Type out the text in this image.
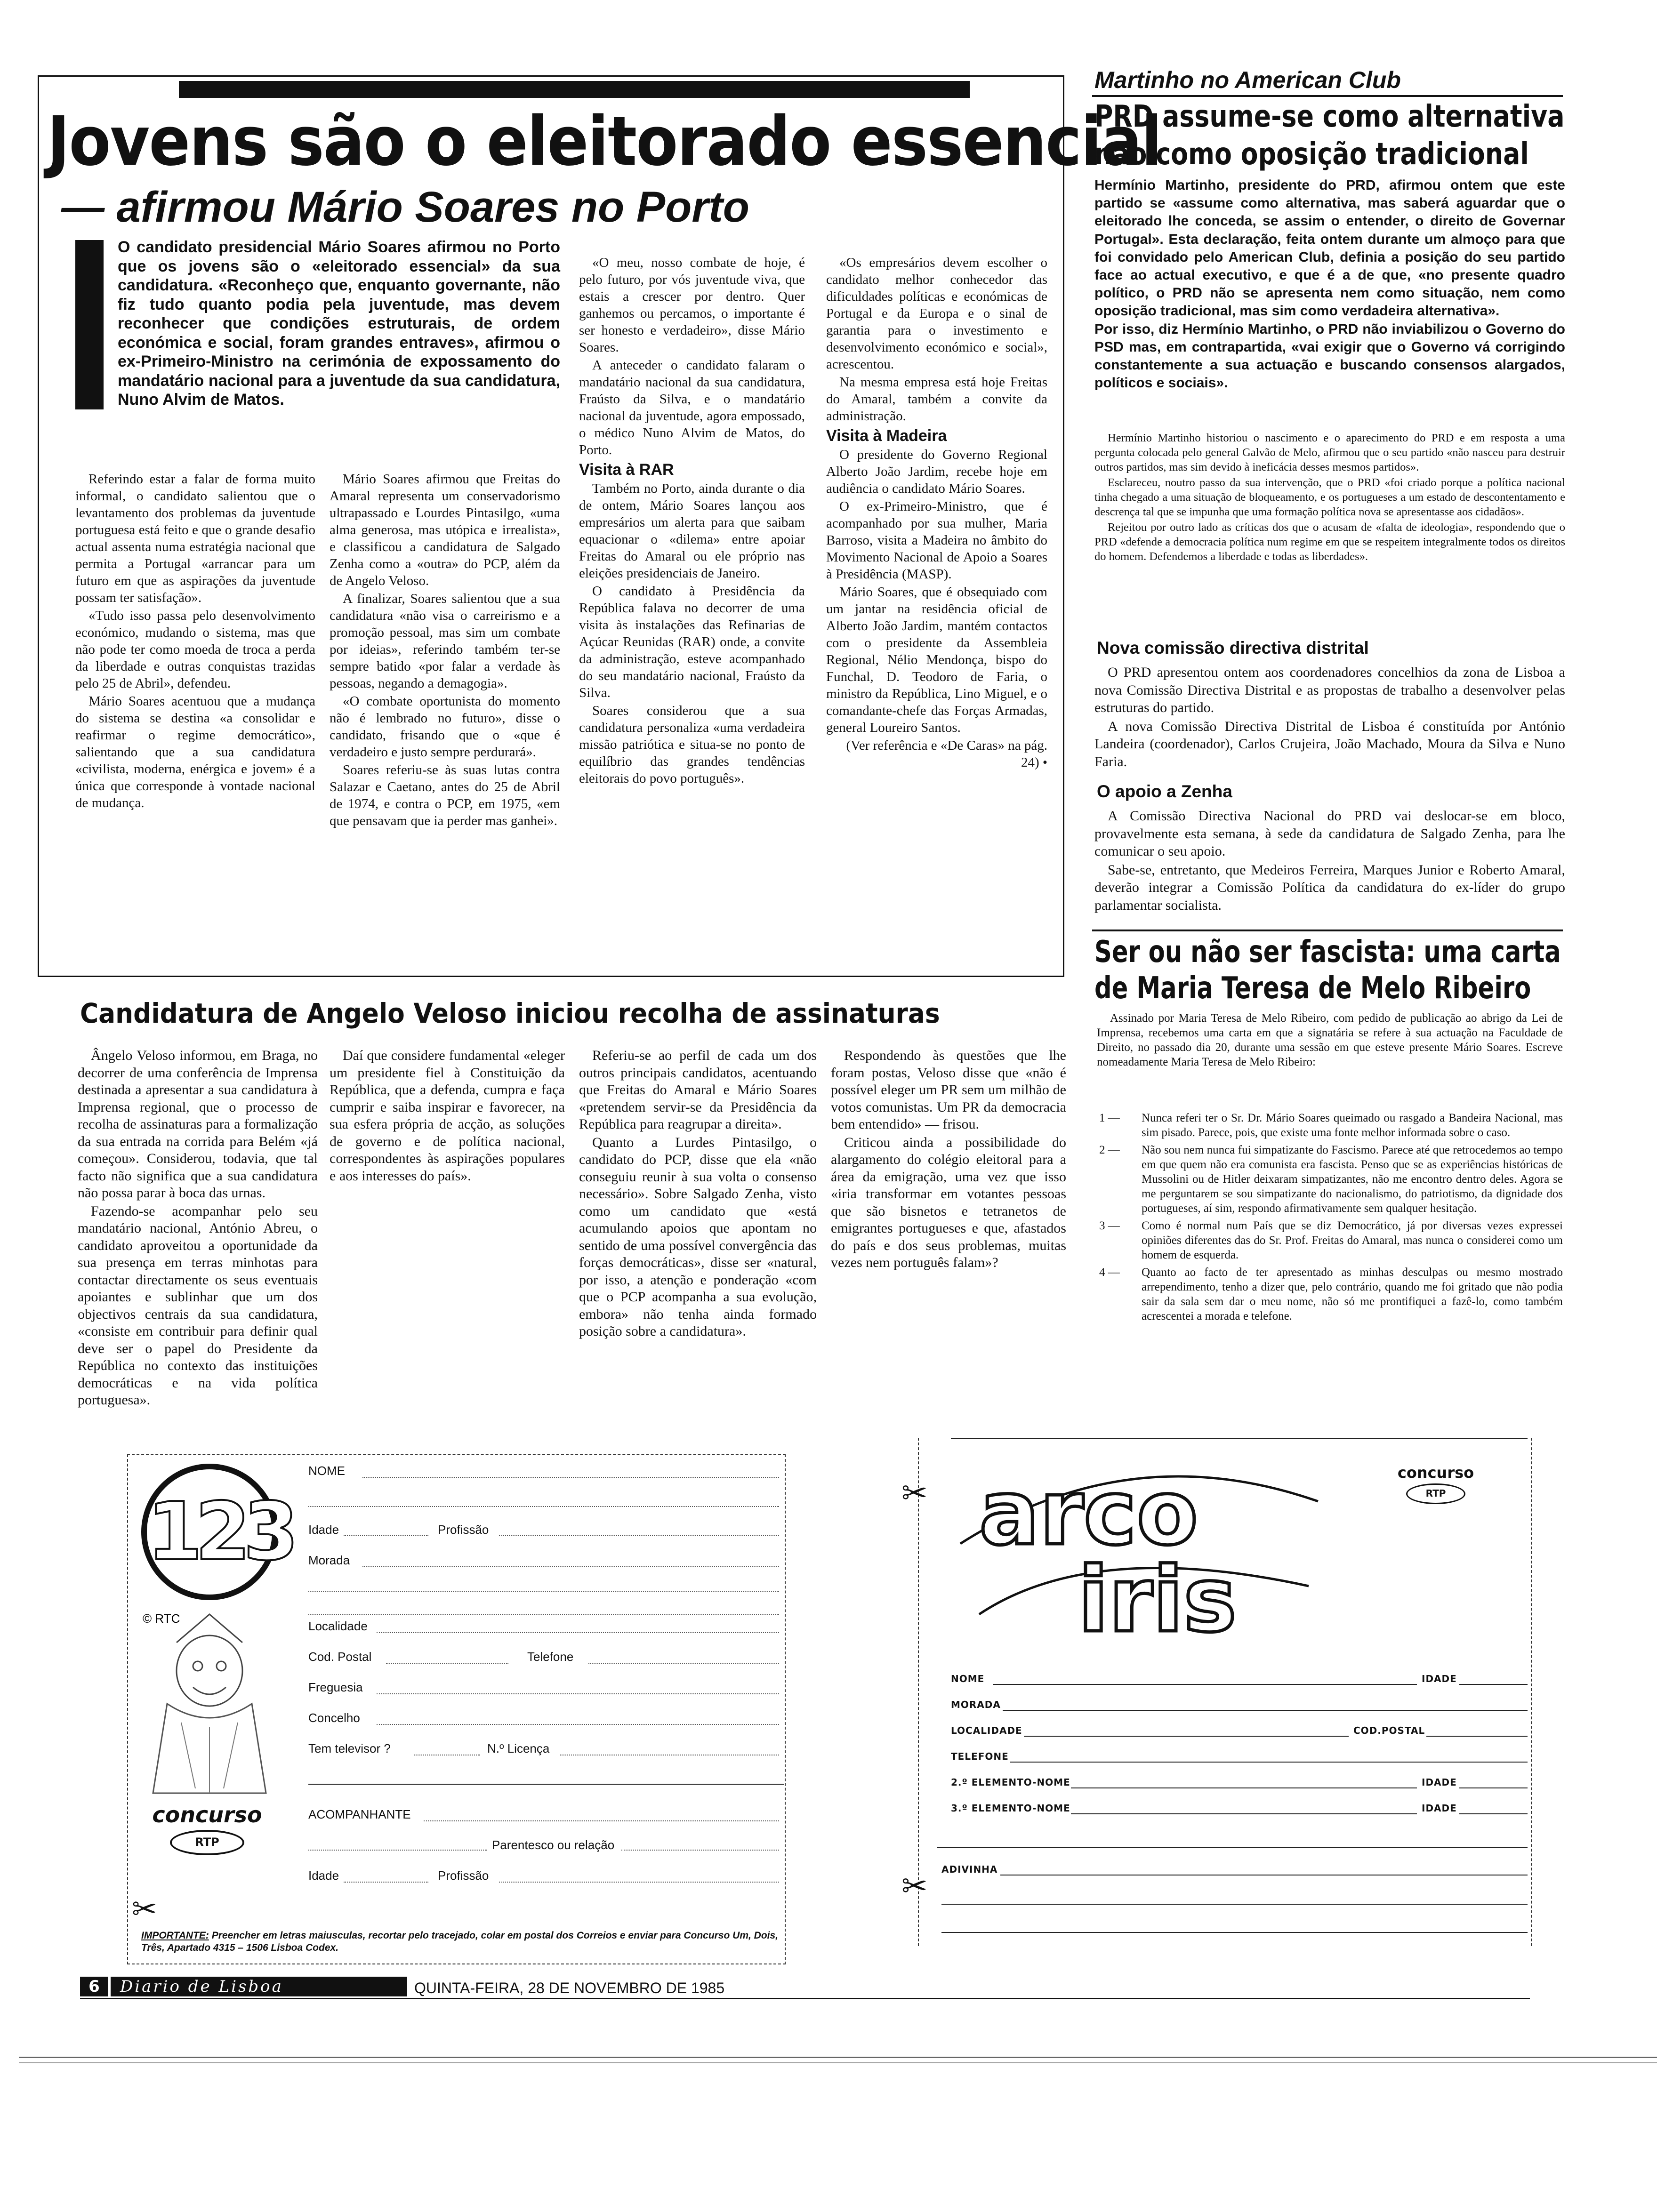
Jovens são o eleitorado essencial
— afirmou Mário Soares no Porto
O candidato presidencial Mário Soares afirmou no Porto que os jovens são o «eleitorado essencial» da sua candidatura. «Reconheço que, enquanto governante, não fiz tudo quanto podia pela juventude, mas devem reconhecer que condições estruturais, de ordem económica e social, foram grandes entraves», afirmou o ex-Primeiro-Ministro na cerimónia de expossamento do mandatário nacional para a juventude da sua candidatura, Nuno Alvim de Matos.

Referindo estar a falar de forma muito informal, o candidato salientou que o levantamento dos problemas da juventude portuguesa está feito e que o grande desafio actual assenta numa estratégia nacional que permita a Portugal «arrancar para um futuro em que as aspirações da juventude possam ter satisfação».

«Tudo isso passa pelo desenvolvimento económico, mudando o sistema, mas que não pode ter como moeda de troca a perda da liberdade e outras conquistas trazidas pelo 25 de Abril», defendeu.

Mário Soares acentuou que a mudança do sistema se destina «a consolidar e reafirmar o regime democrático», salientando que a sua candidatura «civilista, moderna, enérgica e jovem» é a única que corresponde à vontade nacional de mudança.

Mário Soares afirmou que Freitas do Amaral representa um conservadorismo ultrapassado e Lourdes Pintasilgo, «uma alma generosa, mas utópica e irrealista», e classificou a candidatura de Salgado Zenha como a «outra» do PCP, além da de Angelo Veloso.

A finalizar, Soares salientou que a sua candidatura «não visa o carreirismo e a promoção pessoal, mas sim um combate por ideias», referindo também ter-se sempre batido «por falar a verdade às pessoas, negando a demagogia».

«O combate oportunista do momento não é lembrado no futuro», disse o candidato, frisando que o «que é verdadeiro e justo sempre perdurará».

Soares referiu-se às suas lutas contra Salazar e Caetano, antes do 25 de Abril de 1974, e contra o PCP, em 1975, «em que pensavam que ia perder mas ganhei».

«O meu, nosso combate de hoje, é pelo futuro, por vós juventude viva, que estais a crescer por dentro. Quer ganhemos ou percamos, o importante é ser honesto e verdadeiro», disse Mário Soares.

A anteceder o candidato falaram o mandatário nacional da sua candidatura, Fraústo da Silva, e o mandatário nacional da juventude, agora empossado, o médico Nuno Alvim de Matos, do Porto.

Visita à RAR

Também no Porto, ainda durante o dia de ontem, Mário Soares lançou aos empresários um alerta para que saibam equacionar o «dilema» entre apoiar Freitas do Amaral ou ele próprio nas eleições presidenciais de Janeiro.

O candidato à Presidência da República falava no decorrer de uma visita às instalações das Refinarias de Açúcar Reunidas (RAR) onde, a convite da administração, esteve acompanhado do seu mandatário nacional, Fraústo da Silva.

Soares considerou que a sua candidatura personaliza «uma verdadeira missão patriótica e situa-se no ponto de equilíbrio das grandes tendências eleitorais do povo português».

«Os empresários devem escolher o candidato melhor conhecedor das dificuldades políticas e económicas de Portugal e da Europa e o sinal de garantia para o investimento e desenvolvimento económico e social», acrescentou.

Na mesma empresa está hoje Freitas do Amaral, também a convite da administração.

Visita à Madeira

O presidente do Governo Regional Alberto João Jardim, recebe hoje em audiência o candidato Mário Soares.

O ex-Primeiro-Ministro, que é acompanhado por sua mulher, Maria Barroso, visita a Madeira no âmbito do Movimento Nacional de Apoio a Soares à Presidência (MASP).

Mário Soares, que é obsequiado com um jantar na residência oficial de Alberto João Jardim, mantém contactos com o presidente da Assembleia Regional, Nélio Mendonça, bispo do Funchal, D. Teodoro de Faria, o ministro da República, Lino Miguel, e o comandante-chefe das Forças Armadas, general Loureiro Santos.

(Ver referência e «De Caras» na pág. 24) •

Martinho no American Club
PRD assume-se como alternativa
não como oposição tradicional
Hermínio Martinho, presidente do PRD, afirmou ontem que este partido se «assume como alternativa, mas saberá aguardar que o eleitorado lhe conceda, se assim o entender, o direito de Governar Portugal». Esta declaração, feita ontem durante um almoço para que foi convidado pelo American Club, definia a posição do seu partido face ao actual executivo, e que é a de que, «no presente quadro político, o PRD não se apresenta nem como situação, nem como oposição tradicional, mas sim como verdadeira alternativa».
Por isso, diz Hermínio Martinho, o PRD não inviabilizou o Governo do PSD mas, em contrapartida, «vai exigir que o Governo vá corrigindo constantemente a sua actuação e buscando consensos alargados, políticos e sociais».

Hermínio Martinho historiou o nascimento e o aparecimento do PRD e em resposta a uma pergunta colocada pelo general Galvão de Melo, afirmou que o seu partido «não nasceu para destruir outros partidos, mas sim devido à ineficácia desses mesmos partidos».

Esclareceu, noutro passo da sua intervenção, que o PRD «foi criado porque a política nacional tinha chegado a uma situação de bloqueamento, e os portugueses a um estado de descontentamento e descrença tal que se impunha que uma formação política nova se apresentasse aos cidadãos».

Rejeitou por outro lado as críticas dos que o acusam de «falta de ideologia», respondendo que o PRD «defende a democracia política num regime em que se respeitem integralmente todos os direitos do homem. Defendemos a liberdade e todas as liberdades».

Nova comissão directiva distrital

O PRD apresentou ontem aos coordenadores concelhios da zona de Lisboa a nova Comissão Directiva Distrital e as propostas de trabalho a desenvolver pelas estruturas do partido.

A nova Comissão Directiva Distrital de Lisboa é constituída por António Landeira (coordenador), Carlos Crujeira, João Machado, Moura da Silva e Nuno Faria.

O apoio a Zenha

A Comissão Directiva Nacional do PRD vai deslocar-se em bloco, provavelmente esta semana, à sede da candidatura de Salgado Zenha, para lhe comunicar o seu apoio.

Sabe-se, entretanto, que Medeiros Ferreira, Marques Junior e Roberto Amaral, deverão integrar a Comissão Política da candidatura do ex-líder do grupo parlamentar socialista.

Ser ou não ser fascista: uma carta
de Maria Teresa de Melo Ribeiro

Assinado por Maria Teresa de Melo Ribeiro, com pedido de publicação ao abrigo da Lei de Imprensa, recebemos uma carta em que a signatária se refere à sua actuação na Faculdade de Direito, no passado dia 20, durante uma sessão em que esteve presente Mário Soares. Escreve nomeadamente Maria Teresa de Melo Ribeiro:

1 — Nunca referi ter o Sr. Dr. Mário Soares queimado ou rasgado a Bandeira Nacional, mas sim pisado. Parece, pois, que existe uma fonte melhor informada sobre o caso.
2 — Não sou nem nunca fui simpatizante do Fascismo. Parece até que retrocedemos ao tempo em que quem não era comunista era fascista. Penso que se as experiências históricas de Mussolini ou de Hitler deixaram simpatizantes, não me encontro dentro deles. Agora se me perguntarem se sou simpatizante do nacionalismo, do patriotismo, da dignidade dos portugueses, aí sim, respondo afirmativamente sem qualquer hesitação.
3 — Como é normal num País que se diz Democrático, já por diversas vezes expressei opiniões diferentes das do Sr. Prof. Freitas do Amaral, mas nunca o considerei como um homem de esquerda.
4 — Quanto ao facto de ter apresentado as minhas desculpas ou mesmo mostrado arrependimento, tenho a dizer que, pelo contrário, quando me foi gritado que não podia sair da sala sem dar o meu nome, não só me prontifiquei a fazê-lo, como também acrescentei a morada e telefone.
Candidatura de Angelo Veloso iniciou recolha de assinaturas

Ângelo Veloso informou, em Braga, no decorrer de uma conferência de Imprensa destinada a apresentar a sua candidatura à Imprensa regional, que o processo de recolha de assinaturas para a formalização da sua entrada na corrida para Belém «já começou». Considerou, todavia, que tal facto não significa que a sua candidatura não possa parar à boca das urnas.

Fazendo-se acompanhar pelo seu mandatário nacional, António Abreu, o candidato aproveitou a oportunidade da sua presença em terras minhotas para contactar directamente os seus eventuais apoiantes e sublinhar que um dos objectivos centrais da sua candidatura, «consiste em contribuir para definir qual deve ser o papel do Presidente da República no contexto das instituições democráticas e na vida política portuguesa».

Daí que considere fundamental «eleger um presidente fiel à Constituição da República, que a defenda, cumpra e faça cumprir e saiba inspirar e favorecer, na sua esfera própria de acção, as soluções de governo e de política nacional, correspondentes às aspirações populares e aos interesses do país».

Referiu-se ao perfil de cada um dos outros principais candidatos, acentuando que Freitas do Amaral e Mário Soares «pretendem servir-se da Presidência da República para reagrupar a direita».

Quanto a Lurdes Pintasilgo, o candidato do PCP, disse que ela «não conseguiu reunir à sua volta o consenso necessário». Sobre Salgado Zenha, visto como um candidato que «está acumulando apoios que apontam no sentido de uma possível convergência das forças democráticas», disse ser «natural, por isso, a atenção e ponderação «com que o PCP acompanha a sua evolução, embora» não tenha ainda formado posição sobre a candidatura».

Respondendo às questões que lhe foram postas, Veloso disse que «não é possível eleger um PR sem um milhão de votos comunistas. Um PR da democracia bem entendido» — frisou.

Criticou ainda a possibilidade do alargamento do colégio eleitoral para a área da emigração, uma vez que isso «iria transformar em votantes pessoas que são bisnetos e tetranetos de emigrantes portugueses e que, afastados do país e dos seus problemas, muitas vezes nem português falam»?

123
© RTC
concurso
RTP
NOME
Idade	Profissão
Morada
Localidade
Cod. Postal	Telefone
Freguesia
Concelho
Tem televisor ?	N.º Licença
ACOMPANHANTE
Parentesco ou relação
Idade	Profissão
✂
IMPORTANTE: Preencher em letras maiusculas, recortar pelo tracejado, colar em postal dos Correios e enviar para Concurso Um, Dois, Três, Apartado 4315 – 1506 Lisboa Codex.
✂
✂
arco
iris
concurso
RTP
NOME	IDADE
MORADA
LOCALIDADE	COD.POSTAL
TELEFONE
2.º ELEMENTO-NOME	IDADE
3.º ELEMENTO-NOME	IDADE
ADIVINHA
6	Diario de Lisboa	QUINTA-FEIRA, 28 DE NOVEMBRO DE 1985
